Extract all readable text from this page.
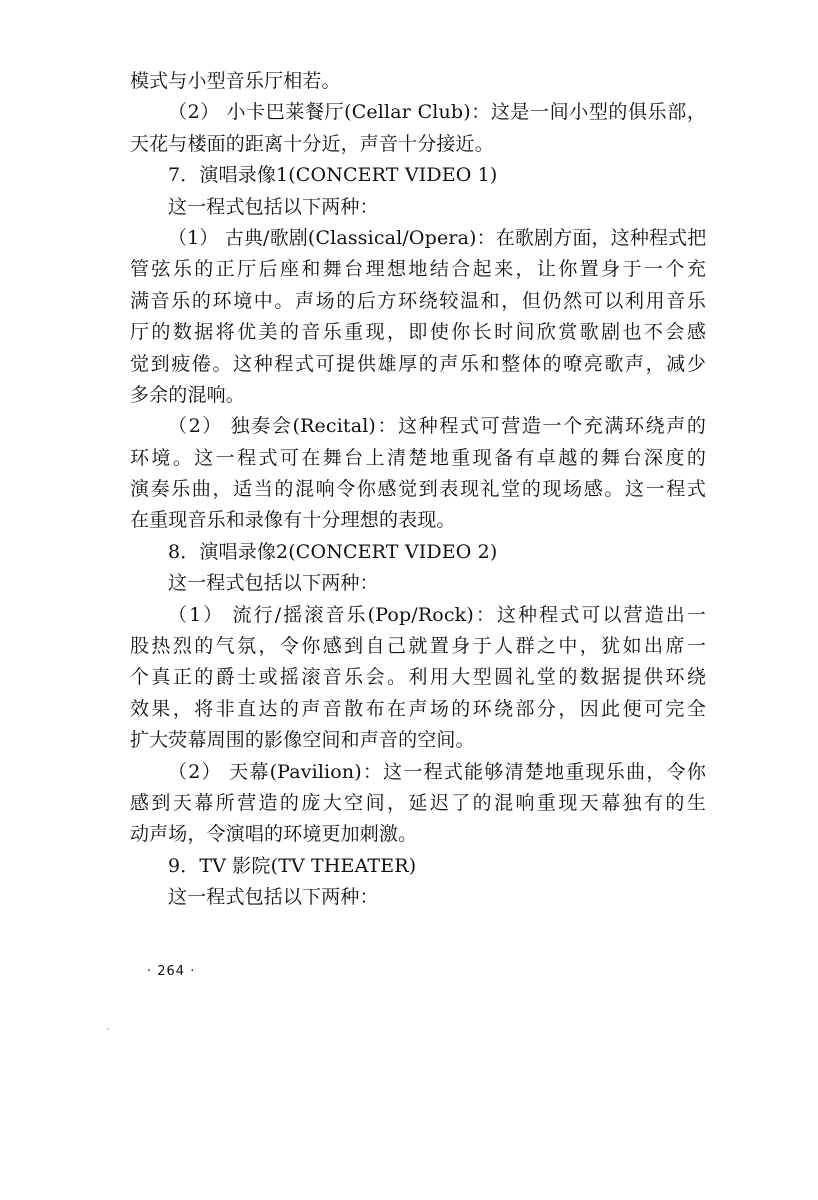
模式与小型音乐厅相若。
（2） 小卡巴莱餐厅(Cellar Club)：这是一间小型的俱乐部，
天花与楼面的距离十分近，声音十分接近。
7．演唱录像1(CONCERT VIDEO 1)
这一程式包括以下两种：
（1） 古典/歌剧(Classical/Opera)：在歌剧方面，这种程式把
管弦乐的正厅后座和舞台理想地结合起来，让你置身于一个充
满音乐的环境中。声场的后方环绕较温和，但仍然可以利用音乐
厅的数据将优美的音乐重现，即使你长时间欣赏歌剧也不会感
觉到疲倦。这种程式可提供雄厚的声乐和整体的嘹亮歌声，减少
多余的混响。
（2） 独奏会(Recital)：这种程式可营造一个充满环绕声的
环境。这一程式可在舞台上清楚地重现备有卓越的舞台深度的
演奏乐曲，适当的混响令你感觉到表现礼堂的现场感。这一程式
在重现音乐和录像有十分理想的表现。
8．演唱录像2(CONCERT VIDEO 2)
这一程式包括以下两种：
（1） 流行/摇滚音乐(Pop/Rock)：这种程式可以营造出一
股热烈的气氛，令你感到自己就置身于人群之中，犹如出席一
个真正的爵士或摇滚音乐会。利用大型圆礼堂的数据提供环绕
效果，将非直达的声音散布在声场的环绕部分，因此便可完全
扩大荧幕周围的影像空间和声音的空间。
（2） 天幕(Pavilion)：这一程式能够清楚地重现乐曲，令你
感到天幕所营造的庞大空间，延迟了的混响重现天幕独有的生
动声场，令演唱的环境更加刺激。
9．TV 影院(TV THEATER)
这一程式包括以下两种：
· 264 ·
